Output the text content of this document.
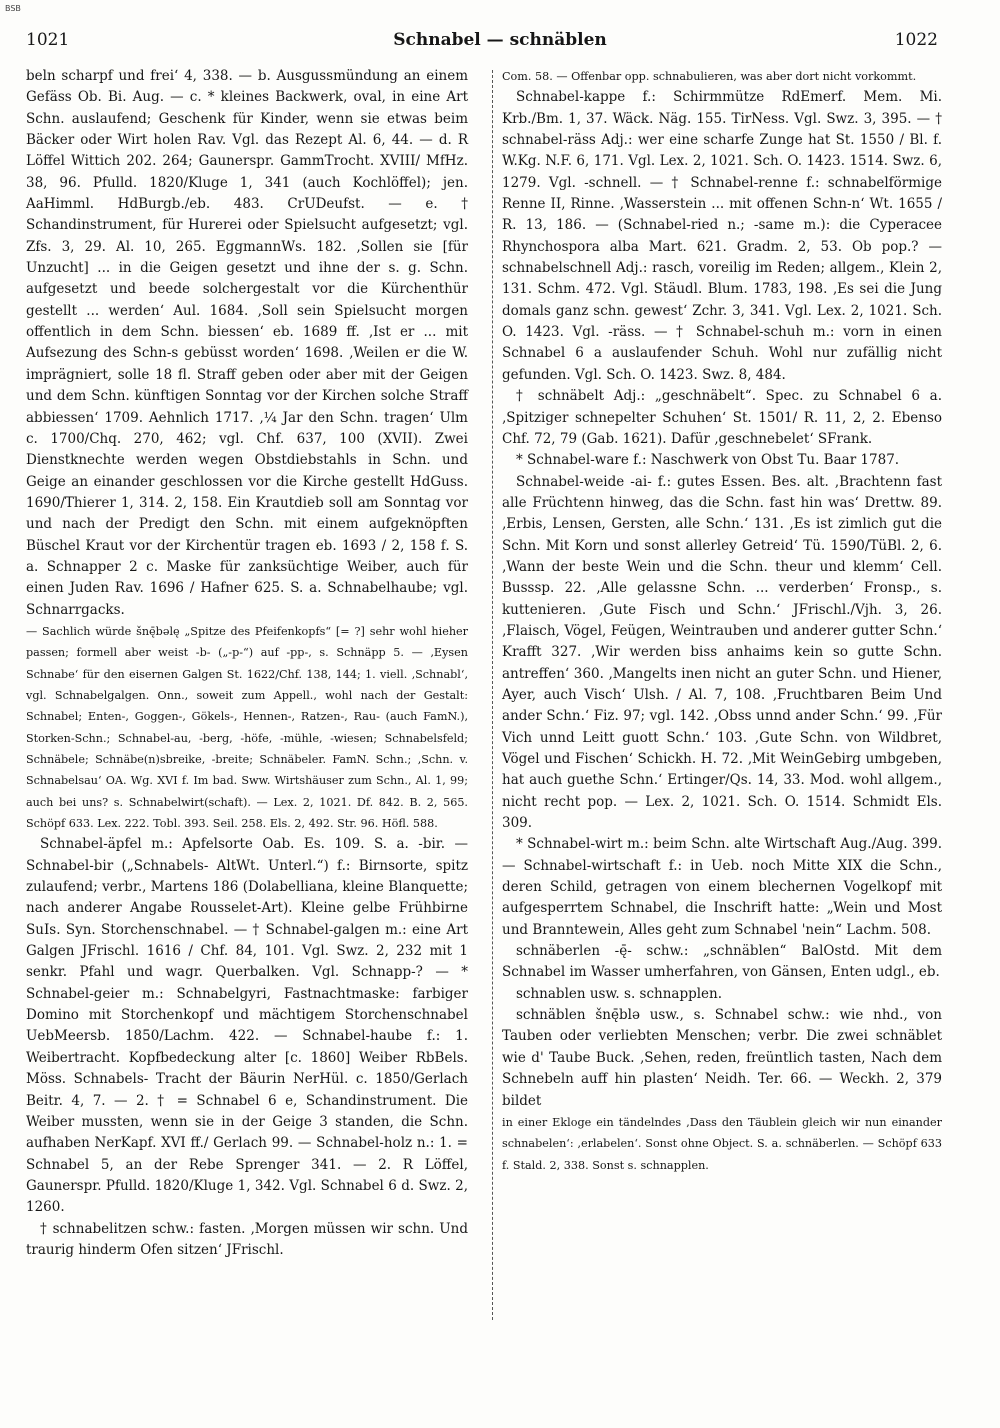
BSB
1021	Schnabel — schnäblen	1022

beln scharpf und frei‘ 4, 338. — b. Ausgussmündung an einem Gefäss Ob. Bi. Aug. — c. * kleines Backwerk, oval, in eine Art Schn. auslaufend; Geschenk für Kinder, wenn sie etwas beim Bäcker oder Wirt holen Rav. Vgl. das Rezept Al. 6, 44. — d. R Löffel Wittich 202. 264; Gaunerspr. GammTrocht. XVIII/ MfHz. 38, 96. Pfulld. 1820/Kluge 1, 341 (auch Kochlöffel); jen. AaHimml. HdBurgb./eb. 483. CrUDeufst. — e. † Schandinstrument, für Hurerei oder Spielsucht aufgesetzt; vgl. Zfs. 3, 29. Al. 10, 265. EggmannWs. 182. ‚Sollen sie [für Unzucht] ... in die Geigen gesetzt und ihne der s. g. Schn. aufgesetzt und beede solchergestalt vor die Kürchenthür gestellt ... werden‘ Aul. 1684. ‚Soll sein Spielsucht morgen offentlich in dem Schn. biessen‘ eb. 1689 ff. ‚Ist er ... mit Aufsezung des Schn-s gebüsst worden‘ 1698. ‚Weilen er die W. imprägniert, solle 18 fl. Straff geben oder aber mit der Geigen und dem Schn. künftigen Sonntag vor der Kirchen solche Straff abbiessen‘ 1709. Aehnlich 1717. ‚¼ Jar den Schn. tragen‘ Ulm c. 1700/Chq. 270, 462; vgl. Chf. 637, 100 (XVII). Zwei Dienstknechte werden wegen Obstdiebstahls in Schn. und Geige an einander geschlossen vor die Kirche gestellt HdGuss. 1690/Thierer 1, 314. 2, 158. Ein Krautdieb soll am Sonntag vor und nach der Predigt den Schn. mit einem aufgeknöpften Büschel Kraut vor der Kirchentür tragen eb. 1693 / 2, 158 f. S. a. Schnapper 2 c. Maske für zanksüchtige Weiber, auch für einen Juden Rav. 1696 / Hafner 625. S. a. Schnabelhaube; vgl. Schnarrgacks.

— Sachlich würde šnę̄bəlę „Spitze des Pfeifenkopfs“ [= ?] sehr wohl hieher passen; formell aber weist -b- („-p-“) auf -pp-, s. Schnäpp 5. — ‚Eysen Schnabe‘ für den eisernen Galgen St. 1622/Chf. 138, 144; 1. viell. ‚Schnabl‘, vgl. Schnabelgalgen. Onn., soweit zum Appell., wohl nach der Gestalt: Schnabel; Enten-, Goggen-, Gökels-, Hennen-, Ratzen-, Rau- (auch FamN.), Storken-Schn.; Schnabel-au, -berg, -höfe, -mühle, -wiesen; Schnabelsfeld; Schnäbele; Schnäbe(n)sbreike, -breite; Schnäbeler. FamN. Schn.; ‚Schn. v. Schnabelsau‘ OA. Wg. XVI f. Im bad. Sww. Wirtshäuser zum Schn., Al. 1, 99; auch bei uns? s. Schnabelwirt(schaft). — Lex. 2, 1021. Df. 842. B. 2, 565. Schöpf 633. Lex. 222. Tobl. 393. Seil. 258. Els. 2, 492. Str. 96. Höfl. 588.

Schnabel-äpfel m.: Apfelsorte Oab. Es. 109. S. a. -bir. — Schnabel-bir („Schnabels- AltWt. Unterl.“) f.: Birnsorte, spitz zulaufend; verbr., Martens 186 (Dolabelliana, kleine Blanquette; nach anderer Angabe Rousselet-Art). Kleine gelbe Frühbirne SuIs. Syn. Storchenschnabel. — † Schnabel-galgen m.: eine Art Galgen JFrischl. 1616 / Chf. 84, 101. Vgl. Swz. 2, 232 mit 1 senkr. Pfahl und wagr. Querbalken. Vgl. Schnapp-? — * Schnabel-geier m.: Schnabelgyri, Fastnachtmaske: farbiger Domino mit Storchenkopf und mächtigem Storchenschnabel UebMeersb. 1850/Lachm. 422. — Schnabel-haube f.: 1. Weibertracht. Kopfbedeckung alter [c. 1860] Weiber RbBels. Möss. Schnabels- Tracht der Bäurin NerHül. c. 1850/Gerlach Beitr. 4, 7. — 2. † = Schnabel 6 e, Schandinstrument. Die Weiber mussten, wenn sie in der Geige 3 standen, die Schn. aufhaben NerKapf. XVI ff./ Gerlach 99. — Schnabel-holz n.: 1. = Schnabel 5, an der Rebe Sprenger 341. — 2. R Löffel, Gaunerspr. Pfulld. 1820/Kluge 1, 342. Vgl. Schnabel 6 d. Swz. 2, 1260.

† schnabelitzen schw.: fasten. ‚Morgen müssen wir schn. Und traurig hinderm Ofen sitzen‘ JFrischl.

Com. 58. — Offenbar opp. schnabulieren, was aber dort nicht vorkommt.

Schnabel-kappe f.: Schirmmütze RdEmerf. Mem. Mi. Krb./Bm. 1, 37. Wäck. Näg. 155. TirNess. Vgl. Swz. 3, 395. — † schnabel-räss Adj.: wer eine scharfe Zunge hat St. 1550 / Bl. f. W.Kg. N.F. 6, 171. Vgl. Lex. 2, 1021. Sch. O. 1423. 1514. Swz. 6, 1279. Vgl. -schnell. — † Schnabel-renne f.: schnabelförmige Renne II, Rinne. ‚Wasserstein ... mit offenen Schn-n‘ Wt. 1655 / R. 13, 186. — (Schnabel-ried n.; -same m.): die Cyperacee Rhynchospora alba Mart. 621. Gradm. 2, 53. Ob pop.? — schnabelschnell Adj.: rasch, voreilig im Reden; allgem., Klein 2, 131. Schm. 472. Vgl. Stäudl. Blum. 1783, 198. ‚Es sei die Jung domals ganz schn. gewest‘ Zchr. 3, 341. Vgl. Lex. 2, 1021. Sch. O. 1423. Vgl. -räss. — † Schnabel-schuh m.: vorn in einen Schnabel 6 a auslaufender Schuh. Wohl nur zufällig nicht gefunden. Vgl. Sch. O. 1423. Swz. 8, 484.

† schnäbelt Adj.: „geschnäbelt“. Spec. zu Schnabel 6 a. ‚Spitziger schnepelter Schuhen‘ St. 1501/ R. 11, 2, 2. Ebenso Chf. 72, 79 (Gab. 1621). Dafür ‚geschnebelet‘ SFrank.

* Schnabel-ware f.: Naschwerk von Obst Tu. Baar 1787.

Schnabel-weide -ai- f.: gutes Essen. Bes. alt. ‚Brachtenn fast alle Früchtenn hinweg, das die Schn. fast hin was‘ Drettw. 89. ‚Erbis, Lensen, Gersten, alle Schn.‘ 131. ‚Es ist zimlich gut die Schn. Mit Korn und sonst allerley Getreid‘ Tü. 1590/TüBl. 2, 6. ‚Wann der beste Wein und die Schn. theur und klemm‘ Cell. Busssp. 22. ‚Alle gelassne Schn. ... verderben‘ Fronsp., s. kuttenieren. ‚Gute Fisch und Schn.‘ JFrischl./Vjh. 3, 26. ‚Flaisch, Vögel, Feügen, Weintrauben und anderer gutter Schn.‘ Krafft 327. ‚Wir werden biss anhaims kein so gutte Schn. antreffen‘ 360. ‚Mangelts inen nicht an guter Schn. und Hiener, Ayer, auch Visch‘ Ulsh. / Al. 7, 108. ‚Fruchtbaren Beim Und ander Schn.‘ Fiz. 97; vgl. 142. ‚Obss unnd ander Schn.‘ 99. ‚Für Vich unnd Leitt guott Schn.‘ 103. ‚Gute Schn. von Wildbret, Vögel und Fischen‘ Schickh. H. 72. ‚Mit WeinGebirg umbgeben, hat auch guethe Schn.‘ Ertinger/Qs. 14, 33. Mod. wohl allgem., nicht recht pop. — Lex. 2, 1021. Sch. O. 1514. Schmidt Els. 309.

* Schnabel-wirt m.: beim Schn. alte Wirtschaft Aug./Aug. 399. — Schnabel-wirtschaft f.: in Ueb. noch Mitte XIX die Schn., deren Schild, getragen von einem blechernen Vogelkopf mit aufgesperrtem Schnabel, die Inschrift hatte: „Wein und Most und Branntewein, Alles geht zum Schnabel 'nein“ Lachm. 508.

schnäberlen -ę̄- schw.: „schnäblen“ BalOstd. Mit dem Schnabel im Wasser umherfahren, von Gänsen, Enten udgl., eb.

schnablen usw. s. schnapplen.

schnäblen šnę̄blə usw., s. Schnabel schw.: wie nhd., von Tauben oder verliebten Menschen; verbr. Die zwei schnäblet wie d' Taube Buck. ‚Sehen, reden, freüntlich tasten, Nach dem Schnebeln auff hin plasten‘ Neidh. Ter. 66. — Weckh. 2, 379 bildet

in einer Ekloge ein tändelndes ‚Dass den Täublein gleich wir nun einander schnabelen‘: ‚erlabelen‘. Sonst ohne Object. S. a. schnäberlen. — Schöpf 633 f. Stald. 2, 338. Sonst s. schnapplen.
